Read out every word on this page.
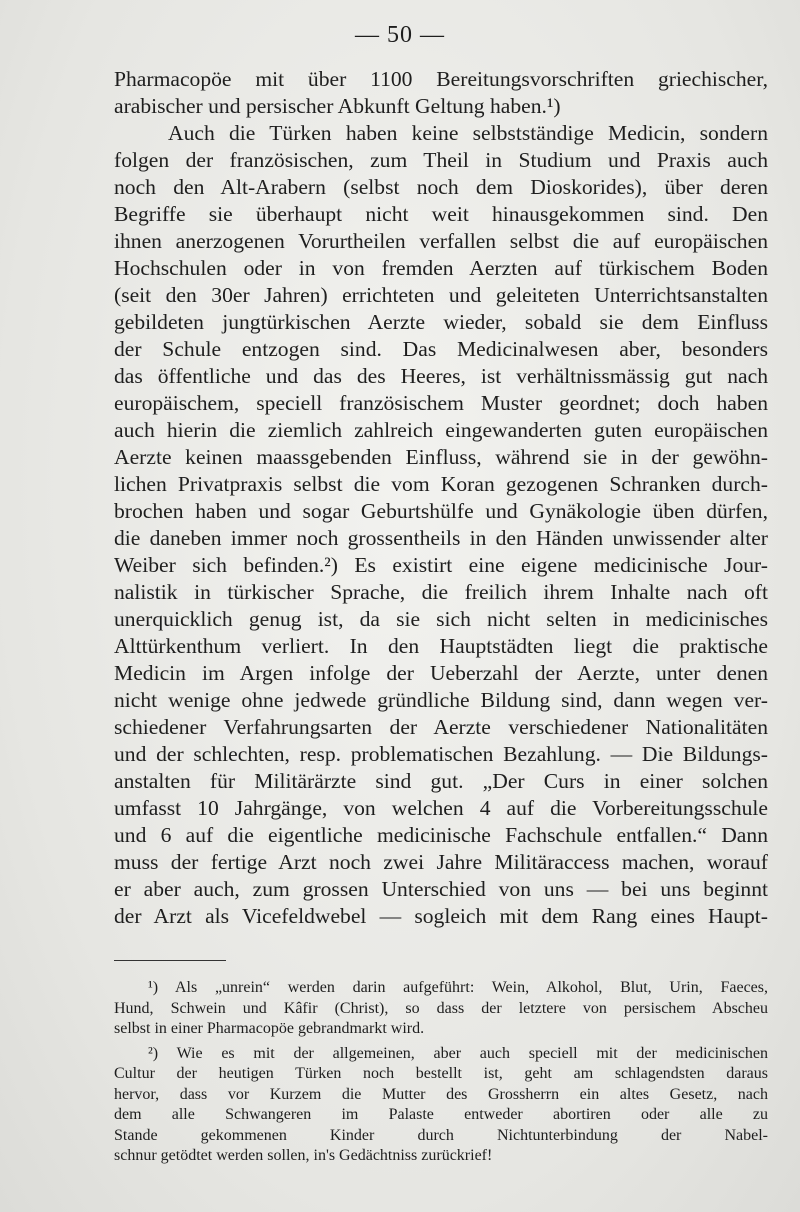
— 50 —
Pharmacopöe mit über 1100 Bereitungsvorschriften griechischer,
arabischer und persischer Abkunft Geltung haben.¹)
Auch die Türken haben keine selbstständige Medicin, sondern
folgen der französischen, zum Theil in Studium und Praxis auch
noch den Alt-Arabern (selbst noch dem Dioskorides), über deren
Begriffe sie überhaupt nicht weit hinausgekommen sind. Den
ihnen anerzogenen Vorurtheilen verfallen selbst die auf europäischen
Hochschulen oder in von fremden Aerzten auf türkischem Boden
(seit den 30er Jahren) errichteten und geleiteten Unterrichtsanstalten
gebildeten jungtürkischen Aerzte wieder, sobald sie dem Einfluss
der Schule entzogen sind. Das Medicinalwesen aber, besonders
das öffentliche und das des Heeres, ist verhältnissmässig gut nach
europäischem, speciell französischem Muster geordnet; doch haben
auch hierin die ziemlich zahlreich eingewanderten guten europäischen
Aerzte keinen maassgebenden Einfluss, während sie in der gewöhn-
lichen Privatpraxis selbst die vom Koran gezogenen Schranken durch-
brochen haben und sogar Geburtshülfe und Gynäkologie üben dürfen,
die daneben immer noch grossentheils in den Händen unwissender alter
Weiber sich befinden.²) Es existirt eine eigene medicinische Jour-
nalistik in türkischer Sprache, die freilich ihrem Inhalte nach oft
unerquicklich genug ist, da sie sich nicht selten in medicinisches
Alttürkenthum verliert. In den Hauptstädten liegt die praktische
Medicin im Argen infolge der Ueberzahl der Aerzte, unter denen
nicht wenige ohne jedwede gründliche Bildung sind, dann wegen ver-
schiedener Verfahrungsarten der Aerzte verschiedener Nationalitäten
und der schlechten, resp. problematischen Bezahlung. — Die Bildungs-
anstalten für Militärärzte sind gut. „Der Curs in einer solchen
umfasst 10 Jahrgänge, von welchen 4 auf die Vorbereitungsschule
und 6 auf die eigentliche medicinische Fachschule entfallen.“ Dann
muss der fertige Arzt noch zwei Jahre Militäraccess machen, worauf
er aber auch, zum grossen Unterschied von uns — bei uns beginnt
der Arzt als Vicefeldwebel — sogleich mit dem Rang eines Haupt-
¹) Als „unrein“ werden darin aufgeführt: Wein, Alkohol, Blut, Urin, Faeces,
Hund, Schwein und Kâfir (Christ), so dass der letztere von persischem Abscheu
selbst in einer Pharmacopöe gebrandmarkt wird.
²) Wie es mit der allgemeinen, aber auch speciell mit der medicinischen
Cultur der heutigen Türken noch bestellt ist, geht am schlagendsten daraus
hervor, dass vor Kurzem die Mutter des Grossherrn ein altes Gesetz, nach
dem alle Schwangeren im Palaste entweder abortiren oder alle zu
Stande gekommenen Kinder durch Nichtunterbindung der Nabel-
schnur getödtet werden sollen, in's Gedächtniss zurückrief!
